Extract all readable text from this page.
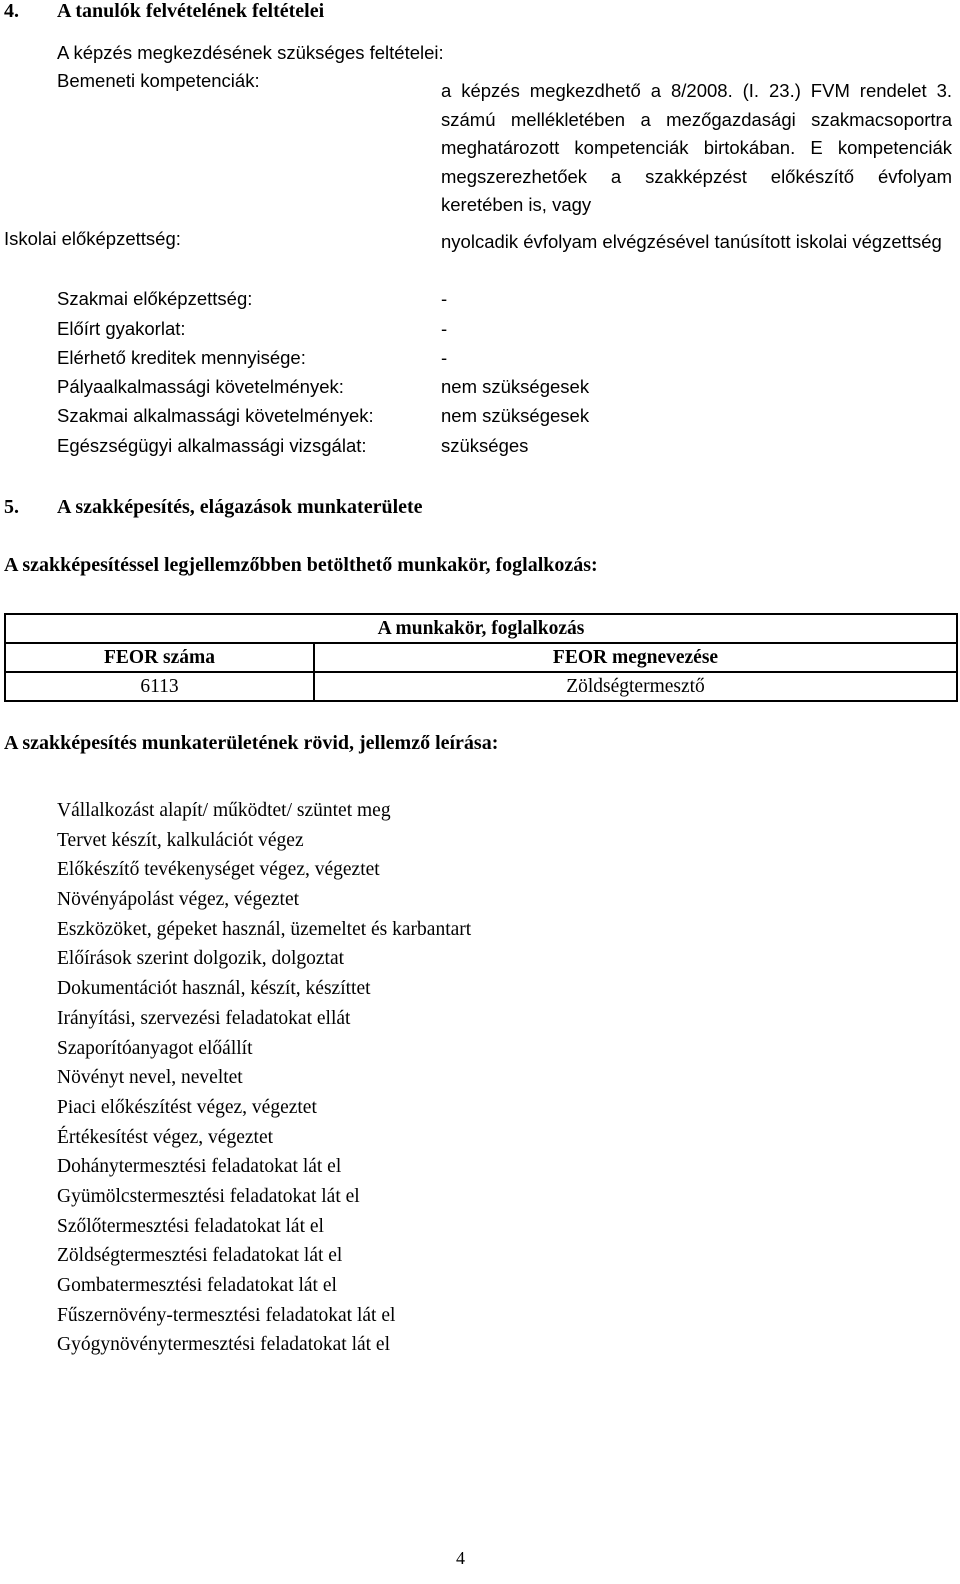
4. A tanulók felvételének feltételei
A képzés megkezdésének szükséges feltételei:
Bemeneti kompetenciák:	a képzés megkezdhető a 8/2008. (I. 23.) FVM rendelet 3. számú mellékletében a mezőgazdasági szakmacsoportra meghatározott kompetenciák birtokában. E kompetenciák megszerezhetőek a szakképzést előkészítő évfolyam keretében is, vagy
Iskolai előképzettség:	nyolcadik évfolyam elvégzésével tanúsított iskolai végzettség
Szakmai előképzettség:	-
Előírt gyakorlat:	-
Elérhető kreditek mennyisége:	-
Pályaalkalmassági követelmények:	nem szükségesek
Szakmai alkalmassági követelmények:	nem szükségesek
Egészségügyi alkalmassági vizsgálat:	szükséges
5. A szakképesítés, elágazások munkaterülete
A szakképesítéssel legjellemzőbben betölthető munkakör, foglalkozás:
A munkakör, foglalkozás	
FEOR száma	FEOR megnevezése
6113	Zöldségtermesztő
A szakképesítés munkaterületének rövid, jellemző leírása:
Vállalkozást alapít/ működtet/ szüntet meg
Tervet készít, kalkulációt végez
Előkészítő tevékenységet végez, végeztet
Növényápolást végez, végeztet
Eszközöket, gépeket használ, üzemeltet és karbantart
Előírások szerint dolgozik, dolgoztat
Dokumentációt használ, készít, készíttet
Irányítási, szervezési feladatokat ellát
Szaporítóanyagot előállít
Növényt nevel, neveltet
Piaci előkészítést végez, végeztet
Értékesítést végez, végeztet
Dohánytermesztési feladatokat lát el
Gyümölcstermesztési feladatokat lát el
Szőlőtermesztési feladatokat lát el
Zöldségtermesztési feladatokat lát el
Gombatermesztési feladatokat lát el
Fűszernövény-termesztési feladatokat lát el
Gyógynövénytermesztési feladatokat lát el
4
